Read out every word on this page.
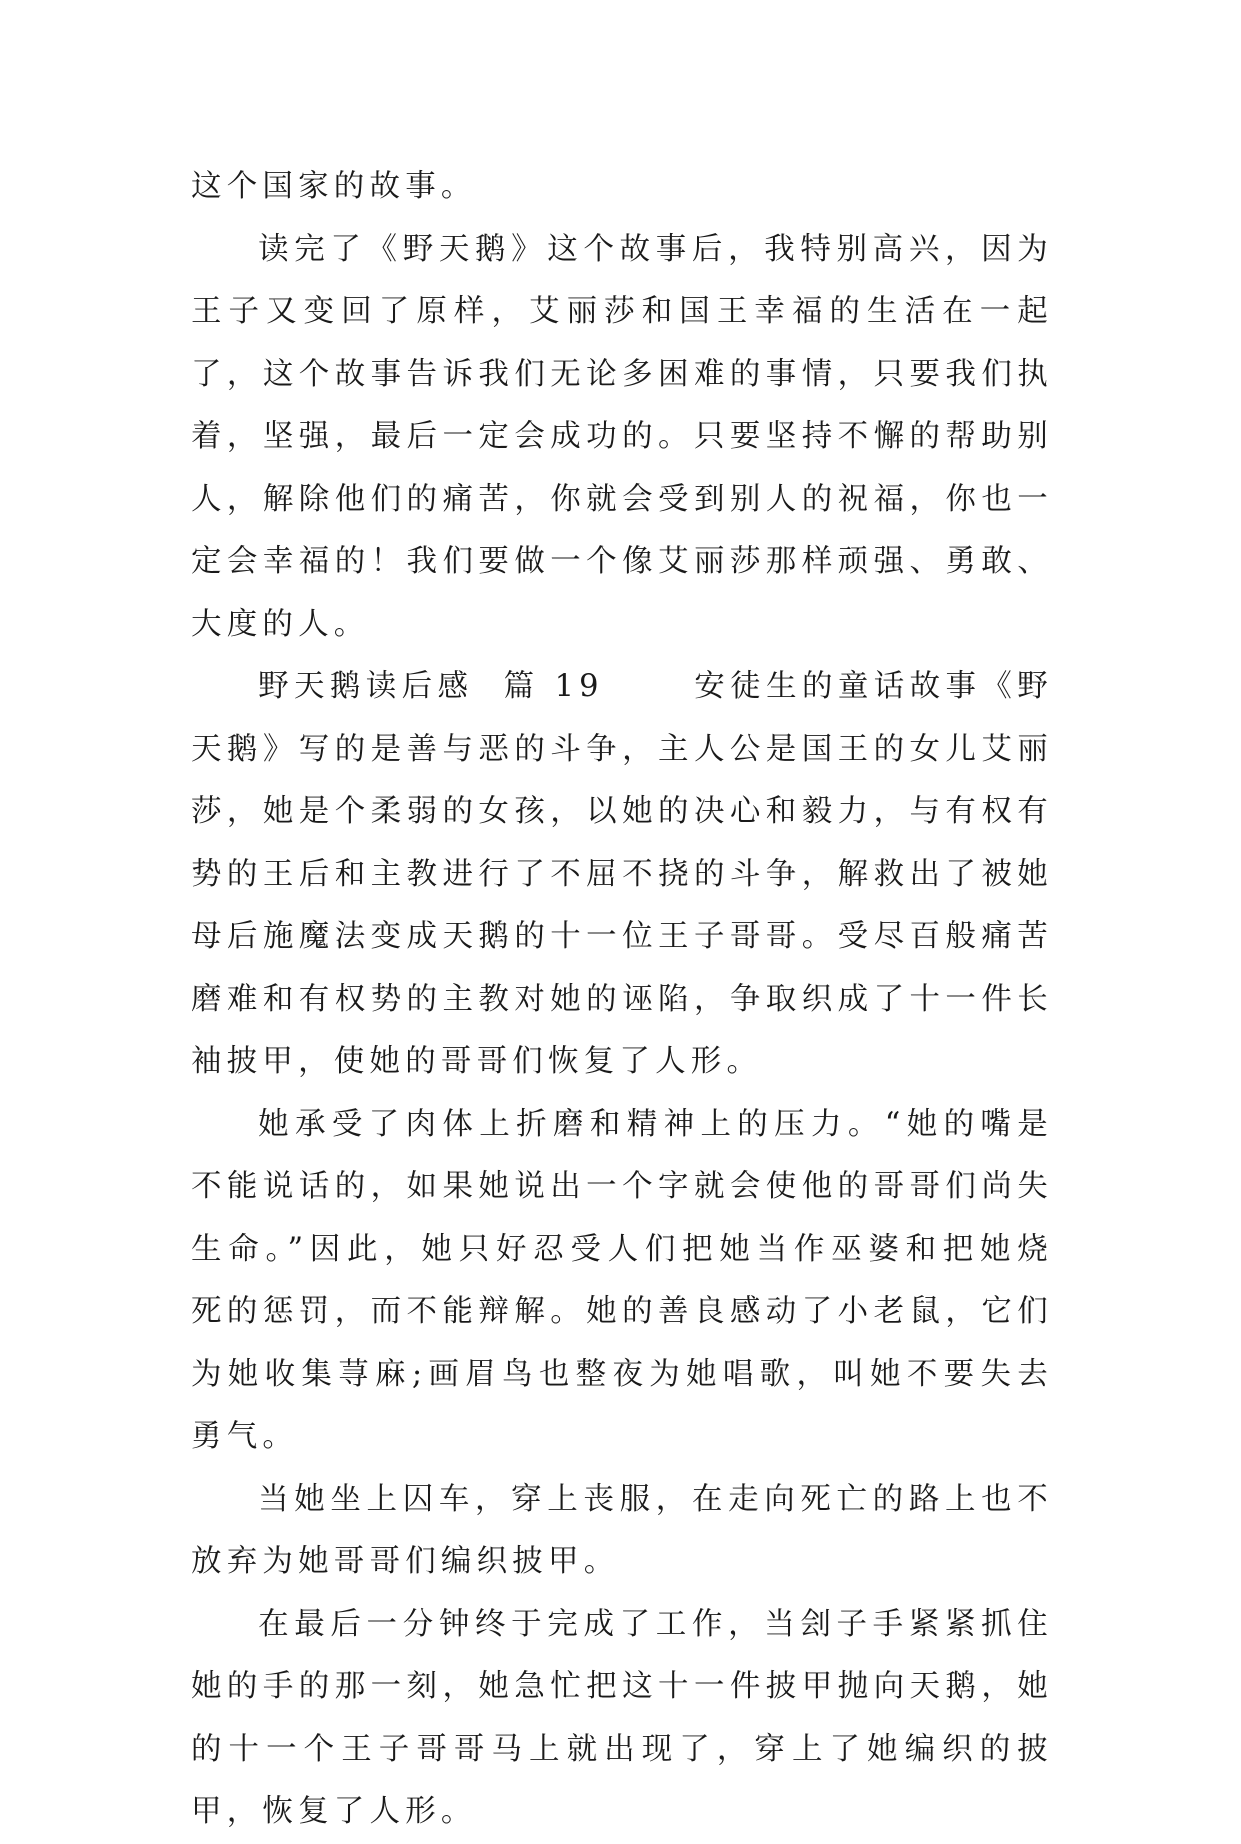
这个国家的故事。

读完了《野天鹅》这个故事后，我特别高兴，因为王子又变回了原样，艾丽莎和国王幸福的生活在一起了，这个故事告诉我们无论多困难的事情，只要我们执着，坚强，最后一定会成功的。只要坚持不懈的帮助别人，解除他们的痛苦，你就会受到别人的祝福，你也一定会幸福的！我们要做一个像艾丽莎那样顽强、勇敢、大度的人。

野天鹅读后感  篇 19      安徒生的童话故事《野天鹅》写的是善与恶的斗争，主人公是国王的女儿艾丽莎，她是个柔弱的女孩，以她的决心和毅力，与有权有势的王后和主教进行了不屈不挠的斗争，解救出了被她母后施魔法变成天鹅的十一位王子哥哥。受尽百般痛苦磨难和有权势的主教对她的诬陷，争取织成了十一件长袖披甲，使她的哥哥们恢复了人形。

她承受了肉体上折磨和精神上的压力。“她的嘴是不能说话的，如果她说出一个字就会使他的哥哥们尚失生命。”因此，她只好忍受人们把她当作巫婆和把她烧死的惩罚，而不能辩解。她的善良感动了小老鼠，它们为她收集荨麻;画眉鸟也整夜为她唱歌，叫她不要失去勇气。

当她坐上囚车，穿上丧服，在走向死亡的路上也不放弃为她哥哥们编织披甲。

在最后一分钟终于完成了工作，当刽子手紧紧抓住她的手的那一刻，她急忙把这十一件披甲抛向天鹅，她的十一个王子哥哥马上就出现了，穿上了她编织的披甲，恢复了人形。
